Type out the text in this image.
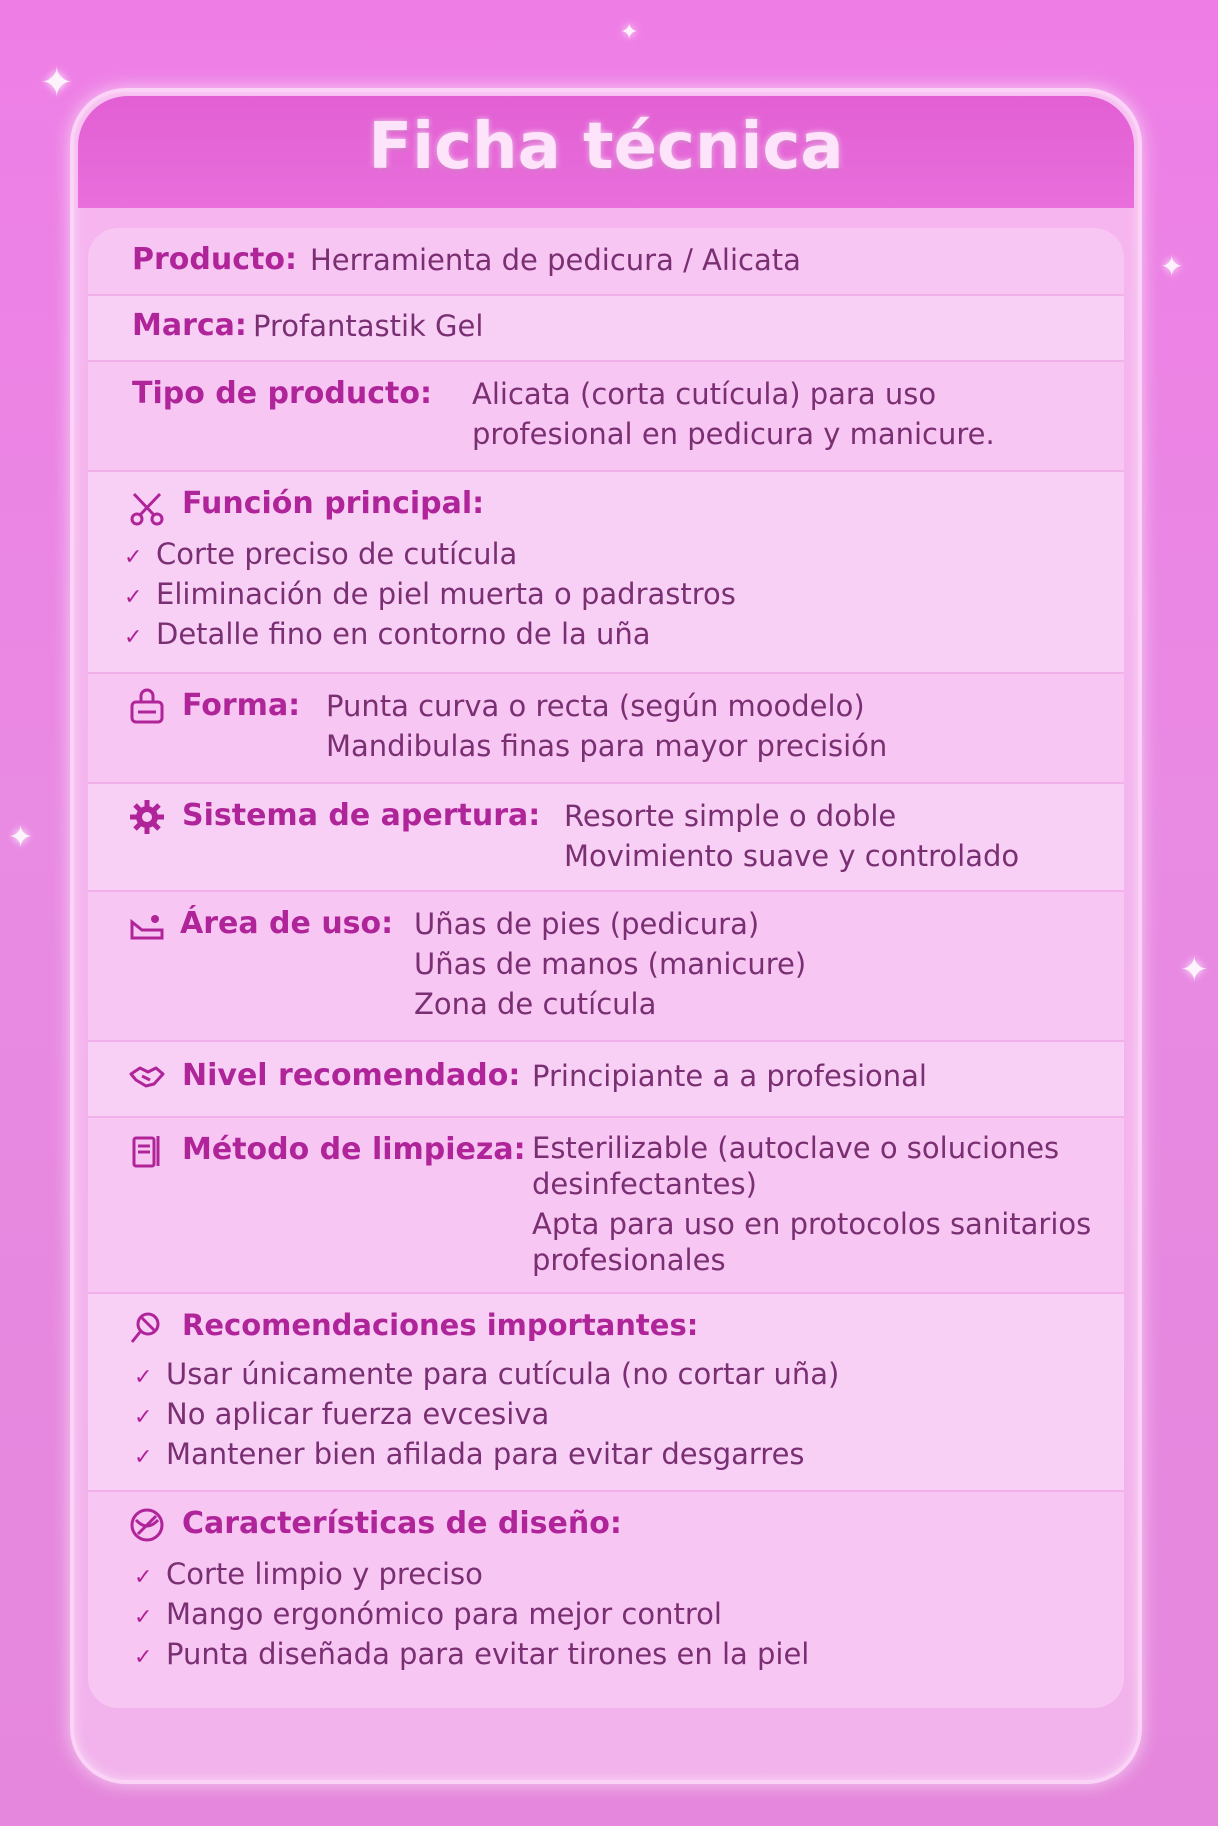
✦
✦
✦
✦
✦
Ficha técnica
Producto: Herramienta de pedicura / Alicata
Marca: Profantastik Gel
Tipo de producto: Alicata (corta cutícula) para uso
profesional en pedicura y manicure.
Función principal:
✓ Corte preciso de cutícula
✓ Eliminación de piel muerta o padrastros
✓ Detalle fino en contorno de la uña
Forma: Punta curva o recta (según moodelo)
Mandibulas finas para mayor precisión
Sistema de apertura: Resorte simple o doble
Movimiento suave y controlado
Área de uso: Uñas de pies (pedicura)
Uñas de manos (manicure)
Zona de cutícula
Nivel recomendado: Principiante a a profesional
Método de limpieza: Esterilizable (autoclave o soluciones
desinfectantes)
Apta para uso en protocolos sanitarios
profesionales
Recomendaciones importantes:
✓ Usar únicamente para cutícula (no cortar uña)
✓ No aplicar fuerza evcesiva
✓ Mantener bien afilada para evitar desgarres
Características de diseño:
✓ Corte limpio y preciso
✓ Mango ergonómico para mejor control
✓ Punta diseñada para evitar tirones en la piel
